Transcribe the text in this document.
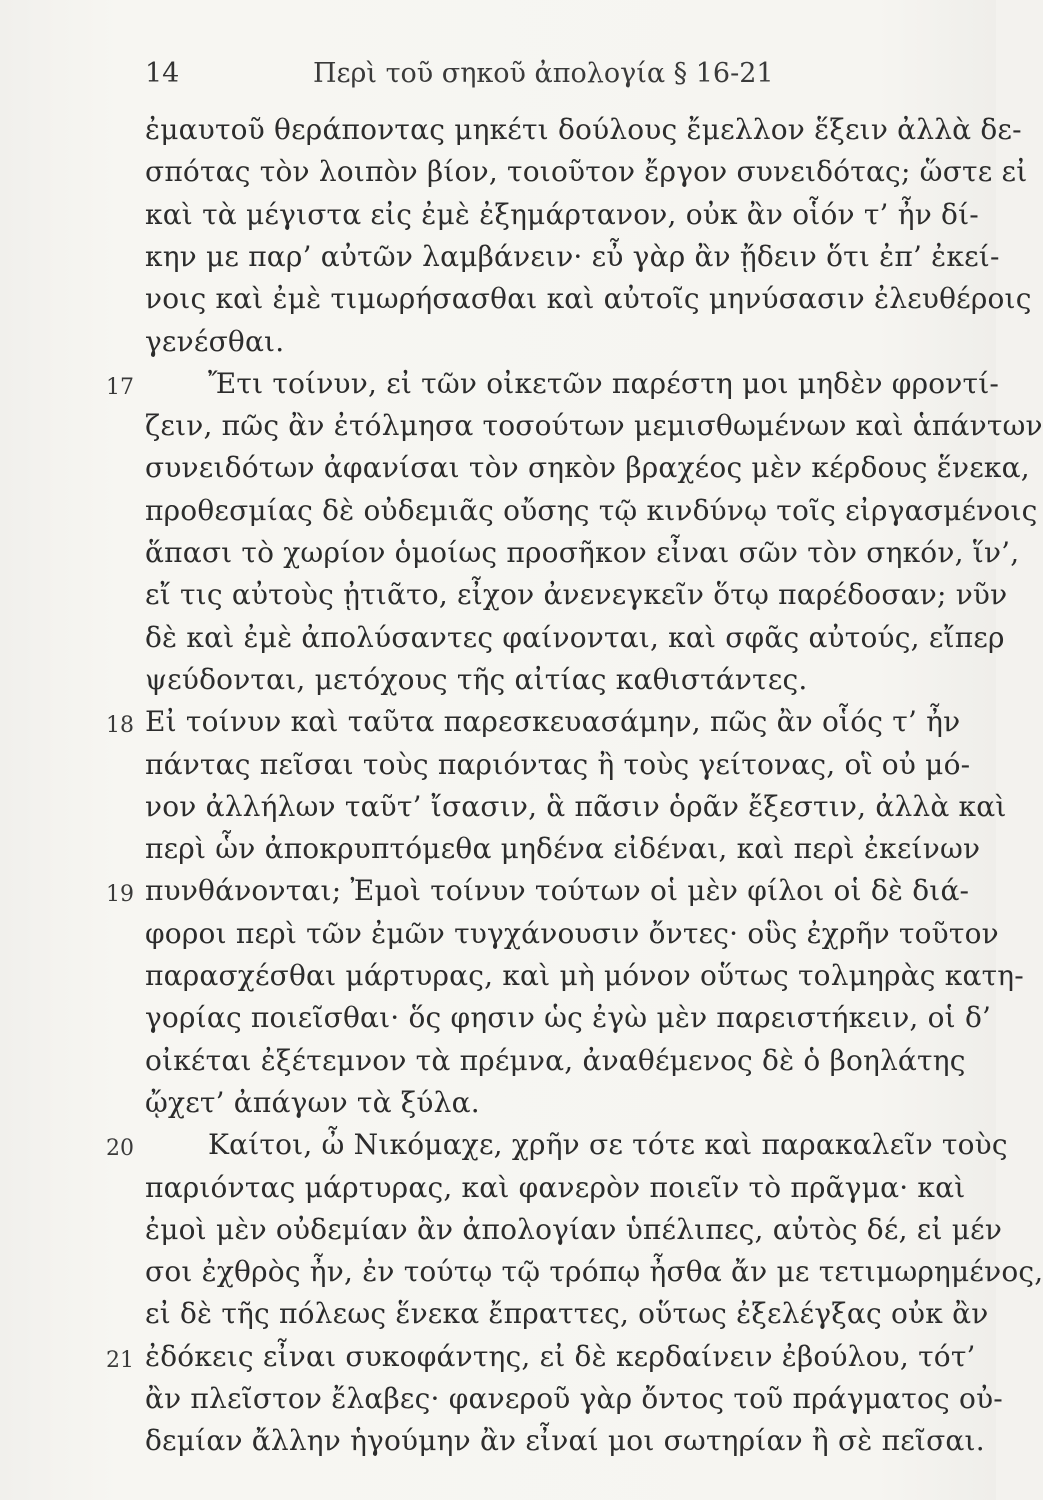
14	Περὶ τοῦ σηκοῦ ἀπολογία § 16-21
ἐμαυτοῦ θεράποντας μηκέτι δούλους ἔμελλον ἕξειν ἀλλὰ δε-
σπότας τὸν λοιπὸν βίον, τοιοῦτον ἔργον συνειδότας; ὥστε εἰ
καὶ τὰ μέγιστα εἰς ἐμὲ ἐξημάρτανον, οὐκ ἂν οἷόν τ’ ἦν δί-
κην με παρ’ αὐτῶν λαμβάνειν· εὖ γὰρ ἂν ᾔδειν ὅτι ἐπ’ ἐκεί-
νοις καὶ ἐμὲ τιμωρήσασθαι καὶ αὐτοῖς μηνύσασιν ἐλευθέροις
γενέσθαι.
Ἔτι τοίνυν, εἰ τῶν οἰκετῶν παρέστη μοι μηδὲν φροντί-
17
ζειν, πῶς ἂν ἐτόλμησα τοσούτων μεμισθωμένων καὶ ἁπάντων
συνειδότων ἀφανίσαι τὸν σηκὸν βραχέος μὲν κέρδους ἕνεκα,
προθεσμίας δὲ οὐδεμιᾶς οὔσης τῷ κινδύνῳ τοῖς εἰργασμένοις
ἅπασι τὸ χωρίον ὁμοίως προσῆκον εἶναι σῶν τὸν σηκόν, ἵν’,
εἴ τις αὐτοὺς ᾐτιᾶτο, εἶχον ἀνενεγκεῖν ὅτῳ παρέδοσαν; νῦν
δὲ καὶ ἐμὲ ἀπολύσαντες φαίνονται, καὶ σφᾶς αὐτούς, εἴπερ
ψεύδονται, μετόχους τῆς αἰτίας καθιστάντες.
Εἰ τοίνυν καὶ ταῦτα παρεσκευασάμην, πῶς ἂν οἷός τ’ ἦν
18
πάντας πεῖσαι τοὺς παριόντας ἢ τοὺς γείτονας, οἳ οὐ μό-
νον ἀλλήλων ταῦτ’ ἴσασιν, ἃ πᾶσιν ὁρᾶν ἔξεστιν, ἀλλὰ καὶ
περὶ ὧν ἀποκρυπτόμεθα μηδένα εἰδέναι, καὶ περὶ ἐκείνων
πυνθάνονται; Ἐμοὶ τοίνυν τούτων οἱ μὲν φίλοι οἱ δὲ διά-
19
φοροι περὶ τῶν ἐμῶν τυγχάνουσιν ὄντες· οὓς ἐχρῆν τοῦτον
παρασχέσθαι μάρτυρας, καὶ μὴ μόνον οὕτως τολμηρὰς κατη-
γορίας ποιεῖσθαι· ὅς φησιν ὡς ἐγὼ μὲν παρειστήκειν, οἱ δ’
οἰκέται ἐξέτεμνον τὰ πρέμνα, ἀναθέμενος δὲ ὁ βοηλάτης
ᾤχετ’ ἀπάγων τὰ ξύλα.
Καίτοι, ὦ Νικόμαχε, χρῆν σε τότε καὶ παρακαλεῖν τοὺς
20
παριόντας μάρτυρας, καὶ φανερὸν ποιεῖν τὸ πρᾶγμα· καὶ
ἐμοὶ μὲν οὐδεμίαν ἂν ἀπολογίαν ὑπέλιπες, αὐτὸς δέ, εἰ μέν
σοι ἐχθρὸς ἦν, ἐν τούτῳ τῷ τρόπῳ ἦσθα ἄν με τετιμωρημένος,
εἰ δὲ τῆς πόλεως ἕνεκα ἔπραττες, οὕτως ἐξελέγξας οὐκ ἂν
ἐδόκεις εἶναι συκοφάντης, εἰ δὲ κερδαίνειν ἐβούλου, τότ’
21
ἂν πλεῖστον ἔλαβες· φανεροῦ γὰρ ὄντος τοῦ πράγματος οὐ-
δεμίαν ἄλλην ἡγούμην ἂν εἶναί μοι σωτηρίαν ἢ σὲ πεῖσαι.
